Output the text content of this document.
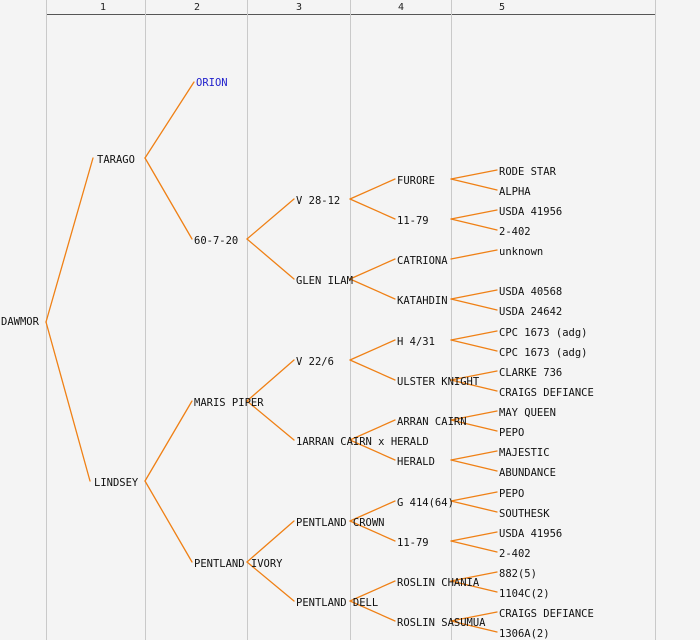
1	2	3	4	5
DAWMOR
TARAGO
LINDSEY
ORION
60-7-20
MARIS PIPER
PENTLAND IVORY
V 28-12
GLEN ILAM
V 22/6
1ARRAN CAIRN x HERALD
PENTLAND CROWN
PENTLAND DELL
FURORE
11-79
CATRIONA
KATAHDIN
H 4/31
ULSTER KNIGHT
ARRAN CAIRN
HERALD
G 414(64)
11-79
ROSLIN CHANIA
ROSLIN SASUMUA
RODE STAR
ALPHA
USDA 41956
2-402
unknown
USDA 40568
USDA 24642
CPC 1673 (adg)
CPC 1673 (adg)
CLARKE 736
CRAIGS DEFIANCE
MAY QUEEN
PEPO
MAJESTIC
ABUNDANCE
PEPO
SOUTHESK
USDA 41956
2-402
882(5)
1104C(2)
CRAIGS DEFIANCE
1306A(2)
